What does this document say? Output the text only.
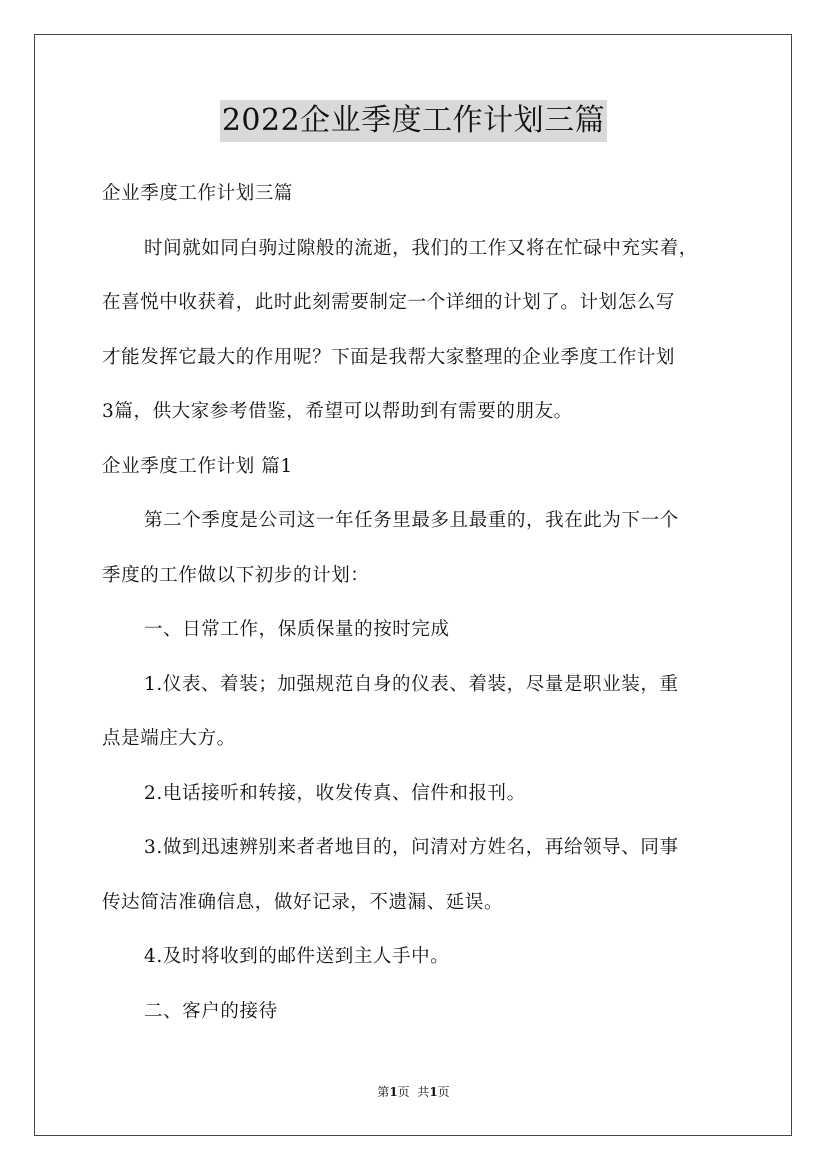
2022企业季度工作计划三篇
企业季度工作计划三篇
时间就如同白驹过隙般的流逝，我们的工作又将在忙碌中充实着，
在喜悦中收获着，此时此刻需要制定一个详细的计划了。计划怎么写
才能发挥它最大的作用呢？下面是我帮大家整理的企业季度工作计划
3篇，供大家参考借鉴，希望可以帮助到有需要的朋友。
企业季度工作计划 篇1
第二个季度是公司这一年任务里最多且最重的，我在此为下一个
季度的工作做以下初步的计划：
一、日常工作，保质保量的按时完成
1.仪表、着装；加强规范自身的仪表、着装，尽量是职业装，重
点是端庄大方。
2.电话接听和转接，收发传真、信件和报刊。
3.做到迅速辨别来者者地目的，问清对方姓名，再给领导、同事
传达简洁准确信息，做好记录，不遗漏、延误。
4.及时将收到的邮件送到主人手中。
二、客户的接待
第1页  共1页
